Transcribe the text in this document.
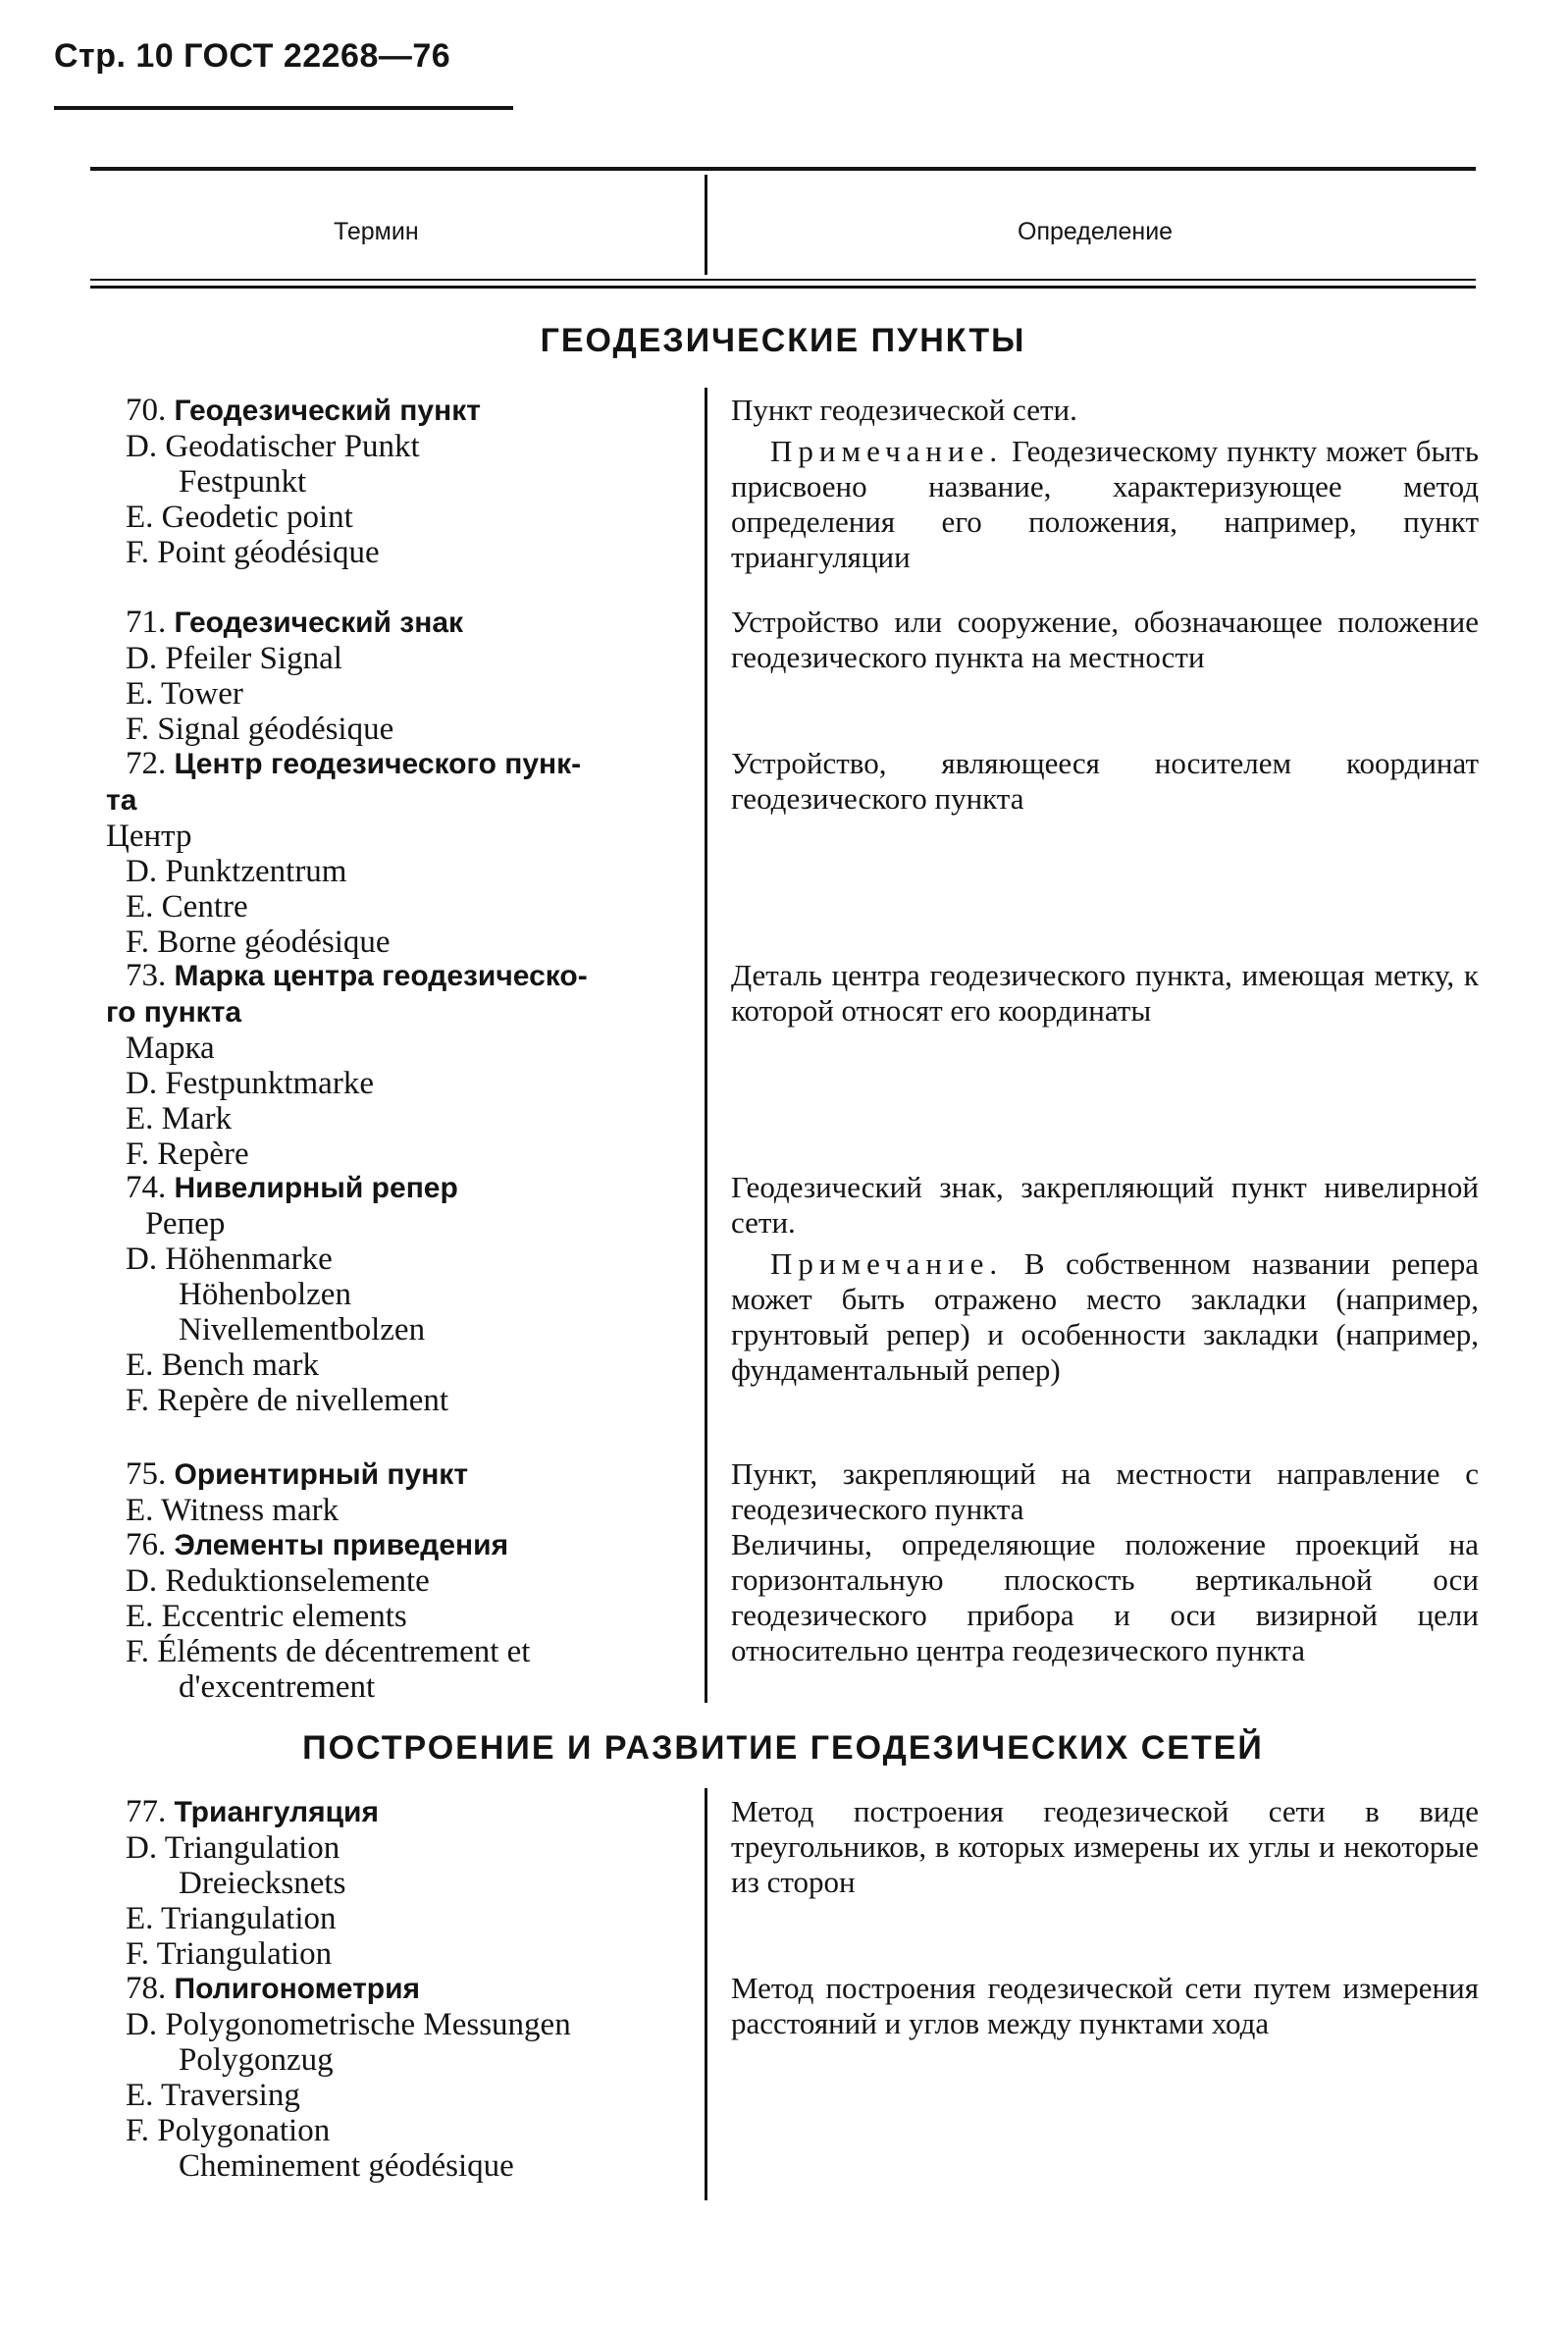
Стр. 10 ГОСТ 22268—76
Термин	Определение
ГЕОДЕЗИЧЕСКИЕ ПУНКТЫ
70. Геодезический пункт
D. Geodatischer Punkt
Festpunkt
E. Geodetic point
F. Point géodésique

Пункт геодезической сети.

Примечание. Геодезическому пункту может быть присвоено название, характеризующее метод определения его положения, например, пункт триангуляции

71. Геодезический знак
D. Pfeiler Signal
E. Tower
F. Signal géodésique

Устройство или сооружение, обозначающее положение геодезического пункта на местности

72. Центр геодезического пунк-
та
Центр
D. Punktzentrum
E. Centre
F. Borne géodésique

Устройство, являющееся носителем координат геодезического пункта

73. Марка центра геодезическо-
го пункта
Марка
D. Festpunktmarke
E. Mark
F. Repère

Деталь центра геодезического пункта, имеющая метку, к которой относят его координаты

74. Нивелирный репер
Репер
D. Höhenmarke
Höhenbolzen
Nivellementbolzen
E. Bench mark
F. Repère de nivellement

Геодезический знак, закрепляющий пункт нивелирной сети.

Примечание. В собственном названии репера может быть отражено место закладки (например, грунтовый репер) и особенности закладки (например, фундаментальный репер)

75. Ориентирный пункт
E. Witness mark

Пункт, закрепляющий на местности направление с геодезического пункта

76. Элементы приведения
D. Reduktionselemente
E. Eccentric elements
F. Éléments de décentrement et
d'excentrement

Величины, определяющие положение проекций на горизонтальную плоскость вертикальной оси геодезического прибора и оси визирной цели относительно центра геодезического пункта

ПОСТРОЕНИЕ И РАЗВИТИЕ ГЕОДЕЗИЧЕСКИХ СЕТЕЙ
77. Триангуляция
D. Triangulation
Dreiecksnets
E. Triangulation
F. Triangulation

Метод построения геодезической сети в виде треугольников, в которых измерены их углы и некоторые из сторон

78. Полигонометрия
D. Polygonometrische Messungen
Polygonzug
E. Traversing
F. Polygonation
Cheminement géodésique

Метод построения геодезической сети путем измерения расстояний и углов между пунктами хода
